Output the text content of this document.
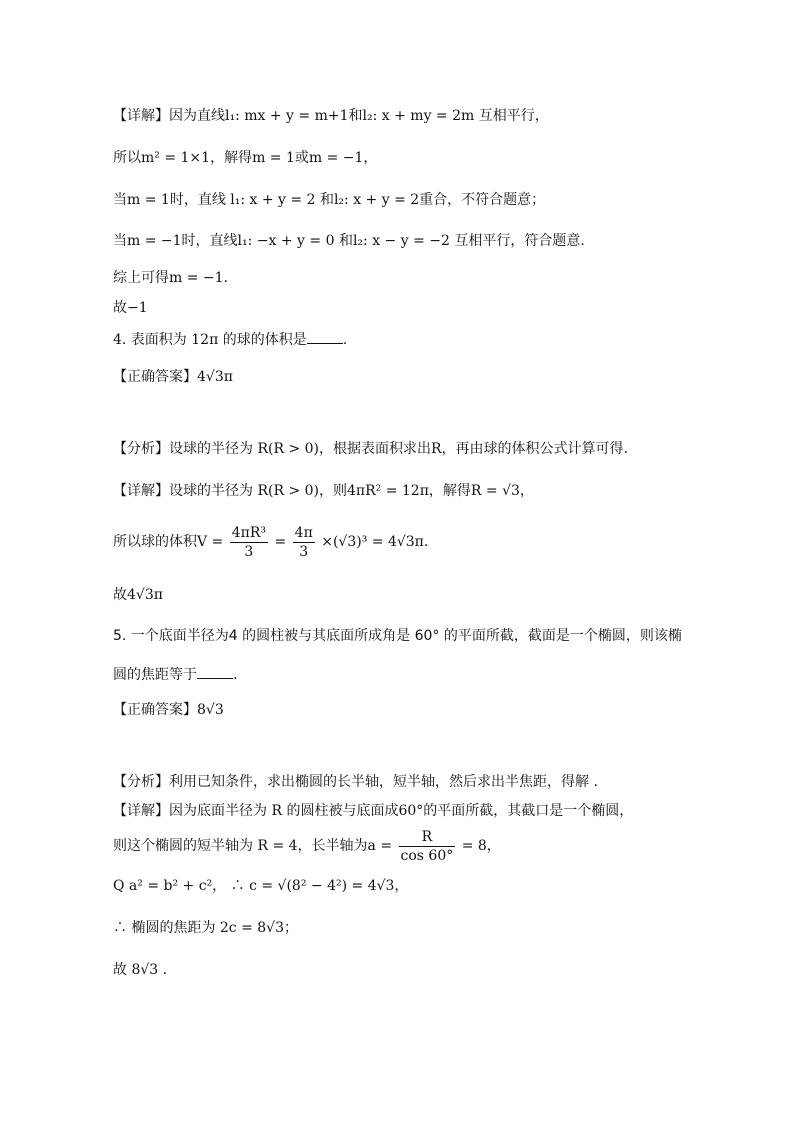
【详解】因为直线l₁: mx + y = m+1和l₂: x + my = 2m 互相平行，
所以m² = 1×1，解得m = 1或m = −1，
当m = 1时，直线 l₁: x + y = 2 和l₂: x + y = 2重合，不符合题意；
当m = −1时，直线l₁: −x + y = 0 和l₂: x − y = −2 互相平行，符合题意.
综上可得m = −1.
故−1
4. 表面积为 12π 的球的体积是	.
【正确答案】4√3π
【分析】设球的半径为 R(R > 0)，根据表面积求出R，再由球的体积公式计算可得.
【详解】设球的半径为 R(R > 0)，则4πR² = 12π，解得R = √3，
所以球的体积$V = \frac{\text{4πR³}}{3} = \frac{4\pi}{3} \times(√3)^3 = 4√3\pi$.
故4√3π
5. 一个底面半径为4 的圆柱被与其底面所成角是 60° 的平面所截，截面是一个椭圆，则该椭
圆的焦距等于	.
【正确答案】8√3
【分析】利用已知条件，求出椭圆的长半轴，短半轴，然后求出半焦距，得解 .
【详解】因为底面半径为 R 的圆柱被与底面成60°的平面所截，其截口是一个椭圆，
则这个椭圆的短半轴为 R = 4，长半轴为$a = \frac{R}{\cos 60^\circ} = 8$，
Q a² = b² + c²， ∴ c = √(8² − 4²) = 4√3，
∴ 椭圆的焦距为 2c = 8√3；
故 8√3 .
